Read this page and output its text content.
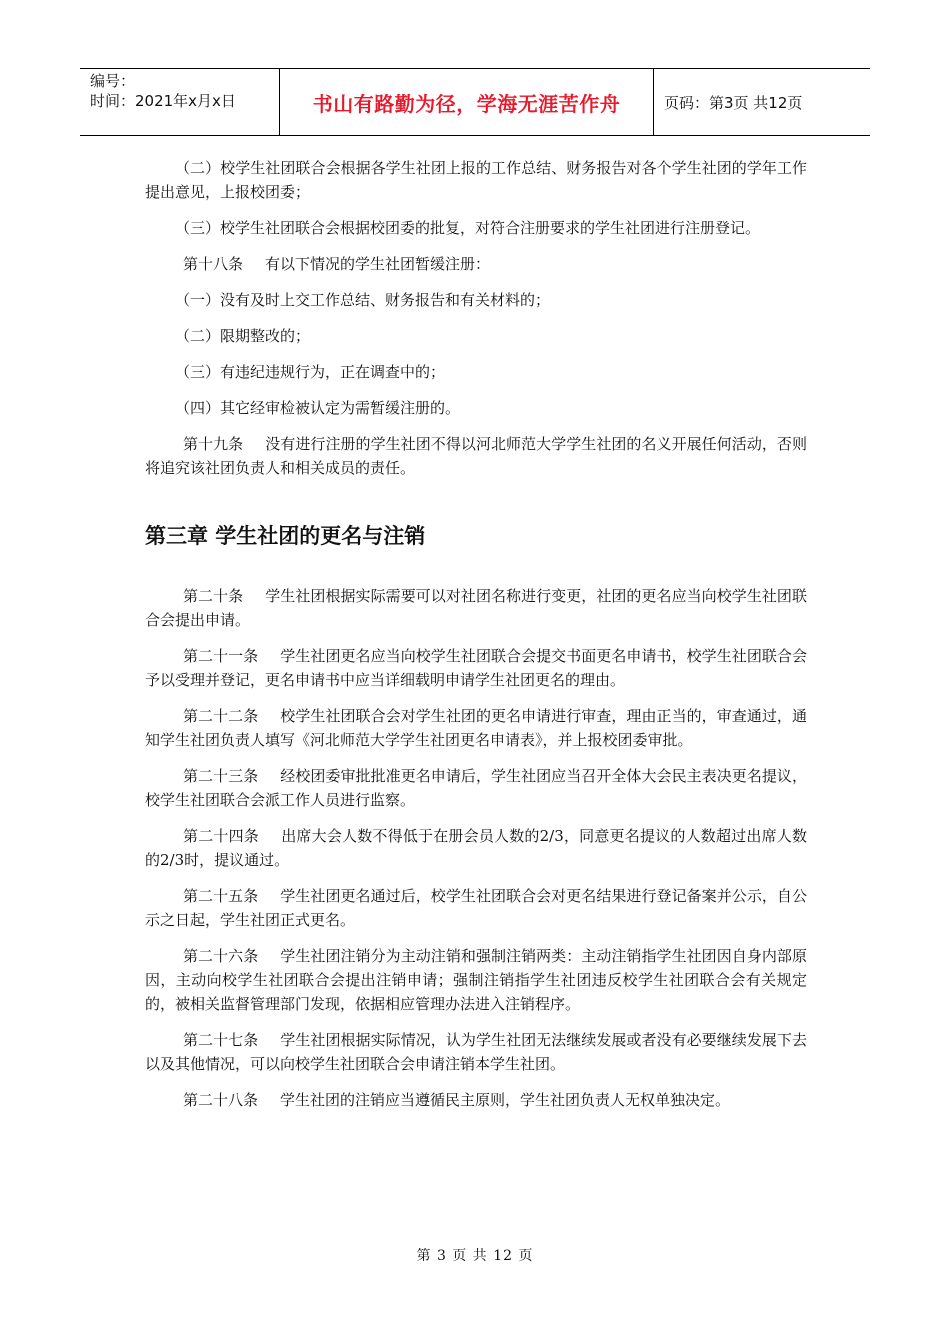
编号：
时间：2021年x月x日	书山有路勤为径，学海无涯苦作舟	页码：第3页 共12页

（二）校学生社团联合会根据各学生社团上报的工作总结、财务报告对各个学生社团的学年工作提出意见，上报校团委；

（三）校学生社团联合会根据校团委的批复，对符合注册要求的学生社团进行注册登记。

第十八条 有以下情况的学生社团暂缓注册：

（一）没有及时上交工作总结、财务报告和有关材料的；

（二）限期整改的；

（三）有违纪违规行为，正在调查中的；

（四）其它经审检被认定为需暂缓注册的。

第十九条 没有进行注册的学生社团不得以河北师范大学学生社团的名义开展任何活动，否则将追究该社团负责人和相关成员的责任。

第三章 学生社团的更名与注销

第二十条 学生社团根据实际需要可以对社团名称进行变更，社团的更名应当向校学生社团联合会提出申请。

第二十一条 学生社团更名应当向校学生社团联合会提交书面更名申请书，校学生社团联合会予以受理并登记，更名申请书中应当详细载明申请学生社团更名的理由。

第二十二条 校学生社团联合会对学生社团的更名申请进行审查，理由正当的，审查通过，通知学生社团负责人填写《河北师范大学学生社团更名申请表》，并上报校团委审批。

第二十三条 经校团委审批批准更名申请后，学生社团应当召开全体大会民主表决更名提议，校学生社团联合会派工作人员进行监察。

第二十四条 出席大会人数不得低于在册会员人数的2/3，同意更名提议的人数超过出席人数的2/3时，提议通过。

第二十五条 学生社团更名通过后，校学生社团联合会对更名结果进行登记备案并公示，自公示之日起，学生社团正式更名。

第二十六条 学生社团注销分为主动注销和强制注销两类：主动注销指学生社团因自身内部原因，主动向校学生社团联合会提出注销申请；强制注销指学生社团违反校学生社团联合会有关规定的，被相关监督管理部门发现，依据相应管理办法进入注销程序。

第二十七条 学生社团根据实际情况，认为学生社团无法继续发展或者没有必要继续发展下去以及其他情况，可以向校学生社团联合会申请注销本学生社团。

第二十八条 学生社团的注销应当遵循民主原则，学生社团负责人无权单独决定。

第 3 页 共 12 页
